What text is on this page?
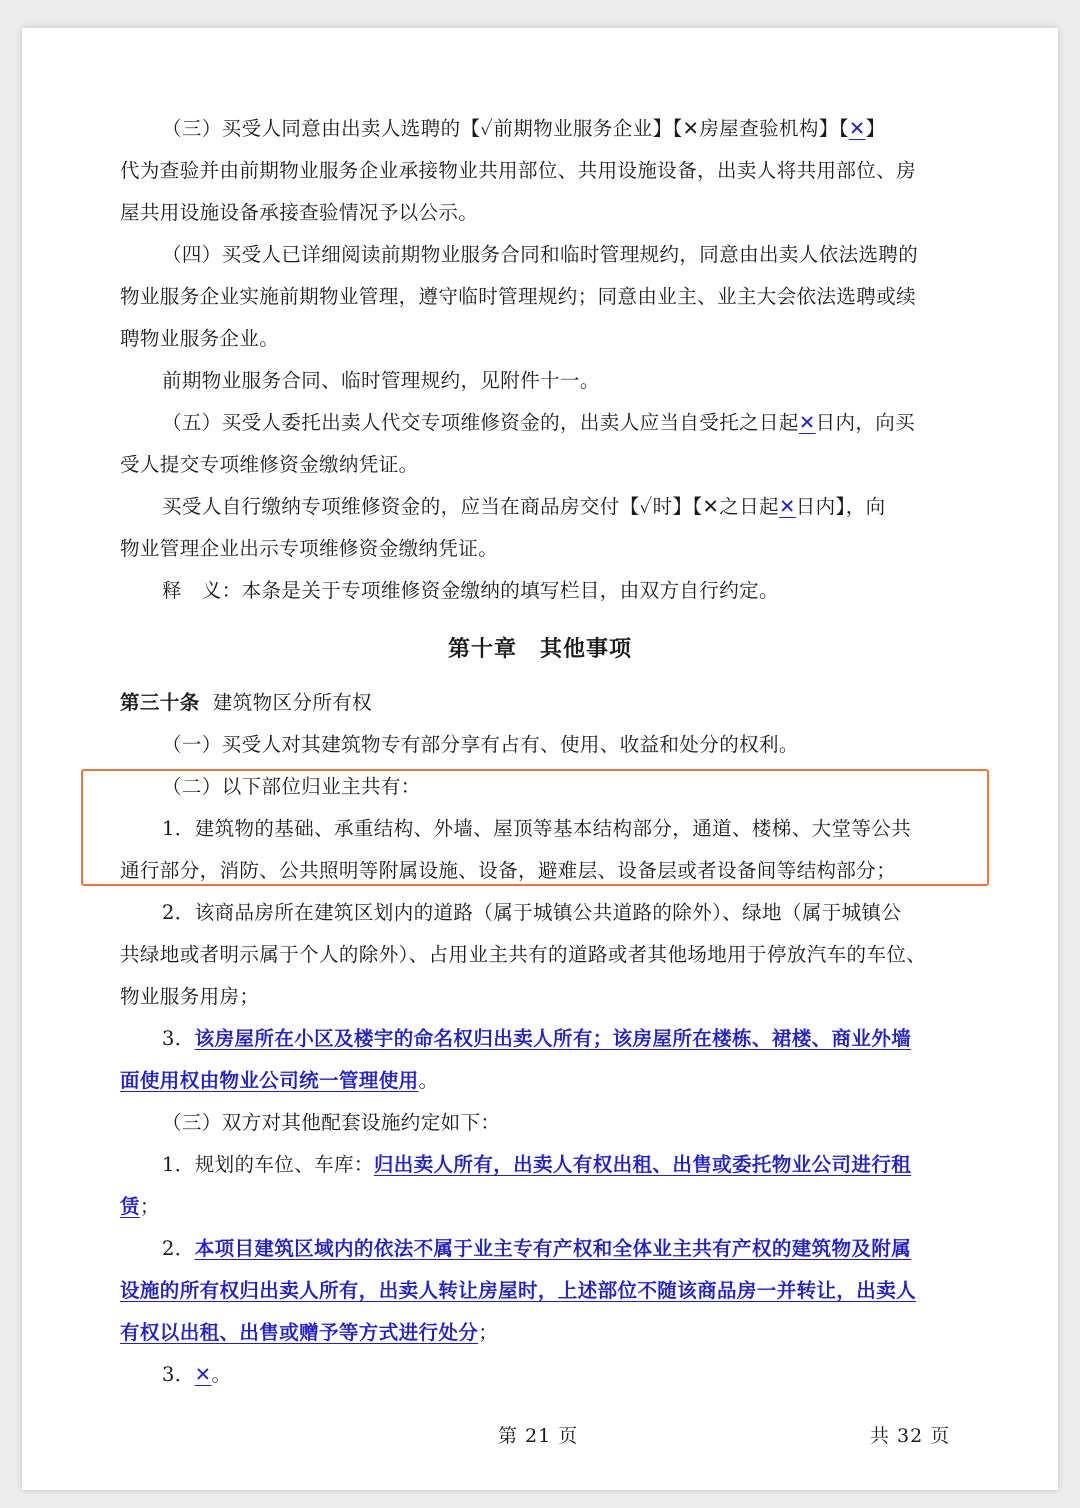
（三）买受人同意由出卖人选聘的【✓前期物业服务企业】【✕房屋查验机构】【✕】
代为查验并由前期物业服务企业承接物业共用部位、共用设施设备，出卖人将共用部位、房
屋共用设施设备承接查验情况予以公示。
（四）买受人已详细阅读前期物业服务合同和临时管理规约，同意由出卖人依法选聘的
物业服务企业实施前期物业管理，遵守临时管理规约；同意由业主、业主大会依法选聘或续
聘物业服务企业。
前期物业服务合同、临时管理规约，见附件十一。
（五）买受人委托出卖人代交专项维修资金的，出卖人应当自受托之日起✕日内，向买
受人提交专项维修资金缴纳凭证。
买受人自行缴纳专项维修资金的，应当在商品房交付【✓时】【✕之日起✕日内】，向
物业管理企业出示专项维修资金缴纳凭证。
释　义：本条是关于专项维修资金缴纳的填写栏目，由双方自行约定。
第十章　其他事项
第三十条 建筑物区分所有权
（一）买受人对其建筑物专有部分享有占有、使用、收益和处分的权利。
（二）以下部位归业主共有：
1．建筑物的基础、承重结构、外墙、屋顶等基本结构部分，通道、楼梯、大堂等公共
通行部分，消防、公共照明等附属设施、设备，避难层、设备层或者设备间等结构部分；
2．该商品房所在建筑区划内的道路（属于城镇公共道路的除外）、绿地（属于城镇公
共绿地或者明示属于个人的除外）、占用业主共有的道路或者其他场地用于停放汽车的车位、
物业服务用房；
3．该房屋所在小区及楼宇的命名权归出卖人所有；该房屋所在楼栋、裙楼、商业外墙
面使用权由物业公司统一管理使用。
（三）双方对其他配套设施约定如下：
1．规划的车位、车库：归出卖人所有，出卖人有权出租、出售或委托物业公司进行租
赁；
2．本项目建筑区域内的依法不属于业主专有产权和全体业主共有产权的建筑物及附属
设施的所有权归出卖人所有，出卖人转让房屋时，上述部位不随该商品房一并转让，出卖人
有权以出租、出售或赠予等方式进行处分；
3．✕。
第 21 页	共 32 页
